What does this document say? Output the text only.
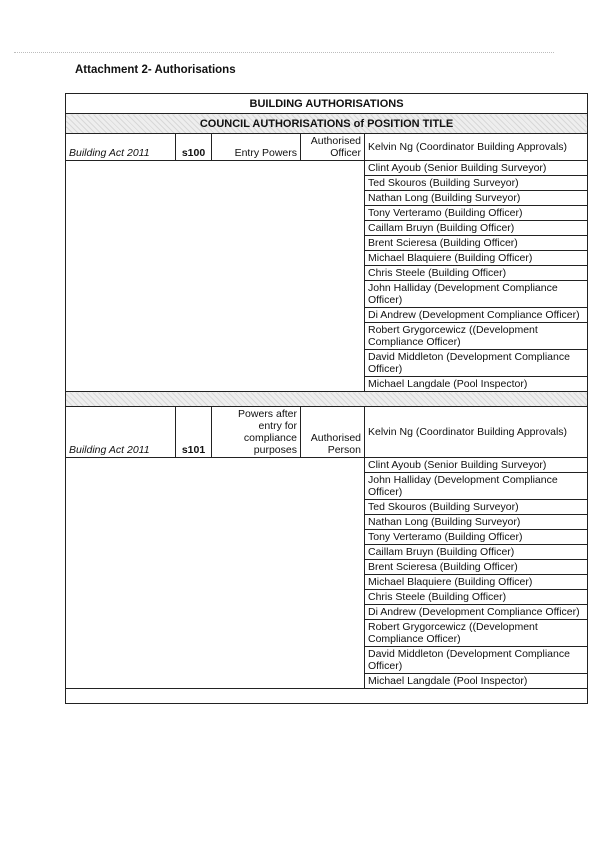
Attachment 2- Authorisations
BUILDING AUTHORISATIONS				
COUNCIL AUTHORISATIONS of POSITION TITLE				
Building Act 2011	s100	Entry Powers	Authorised Officer	Kelvin Ng (Coordinator Building Approvals)
				Clint Ayoub (Senior Building Surveyor)
				Ted Skouros (Building Surveyor)
				Nathan Long (Building Surveyor)
				Tony Verteramo (Building Officer)
				Caillam Bruyn (Building Officer)
				Brent Scieresa (Building Officer)
				Michael Blaquiere (Building Officer)
				Chris Steele (Building Officer)
				John Halliday (Development Compliance Officer)
				Di Andrew (Development Compliance Officer)
				Robert Grygorcewicz ((Development Compliance Officer)
				David Middleton (Development Compliance Officer)
				Michael Langdale (Pool Inspector)

Building Act 2011	s101	Powers after entry for compliance purposes	Authorised Person	Kelvin Ng (Coordinator Building Approvals)
				Clint Ayoub (Senior Building Surveyor)
				John Halliday (Development Compliance Officer)
				Ted Skouros (Building Surveyor)
				Nathan Long (Building Surveyor)
				Tony Verteramo (Building Officer)
				Caillam Bruyn (Building Officer)
				Brent Scieresa (Building Officer)
				Michael Blaquiere (Building Officer)
				Chris Steele (Building Officer)
				Di Andrew (Development Compliance Officer)
				Robert Grygorcewicz ((Development Compliance Officer)
				David Middleton (Development Compliance Officer)
				Michael Langdale (Pool Inspector)
